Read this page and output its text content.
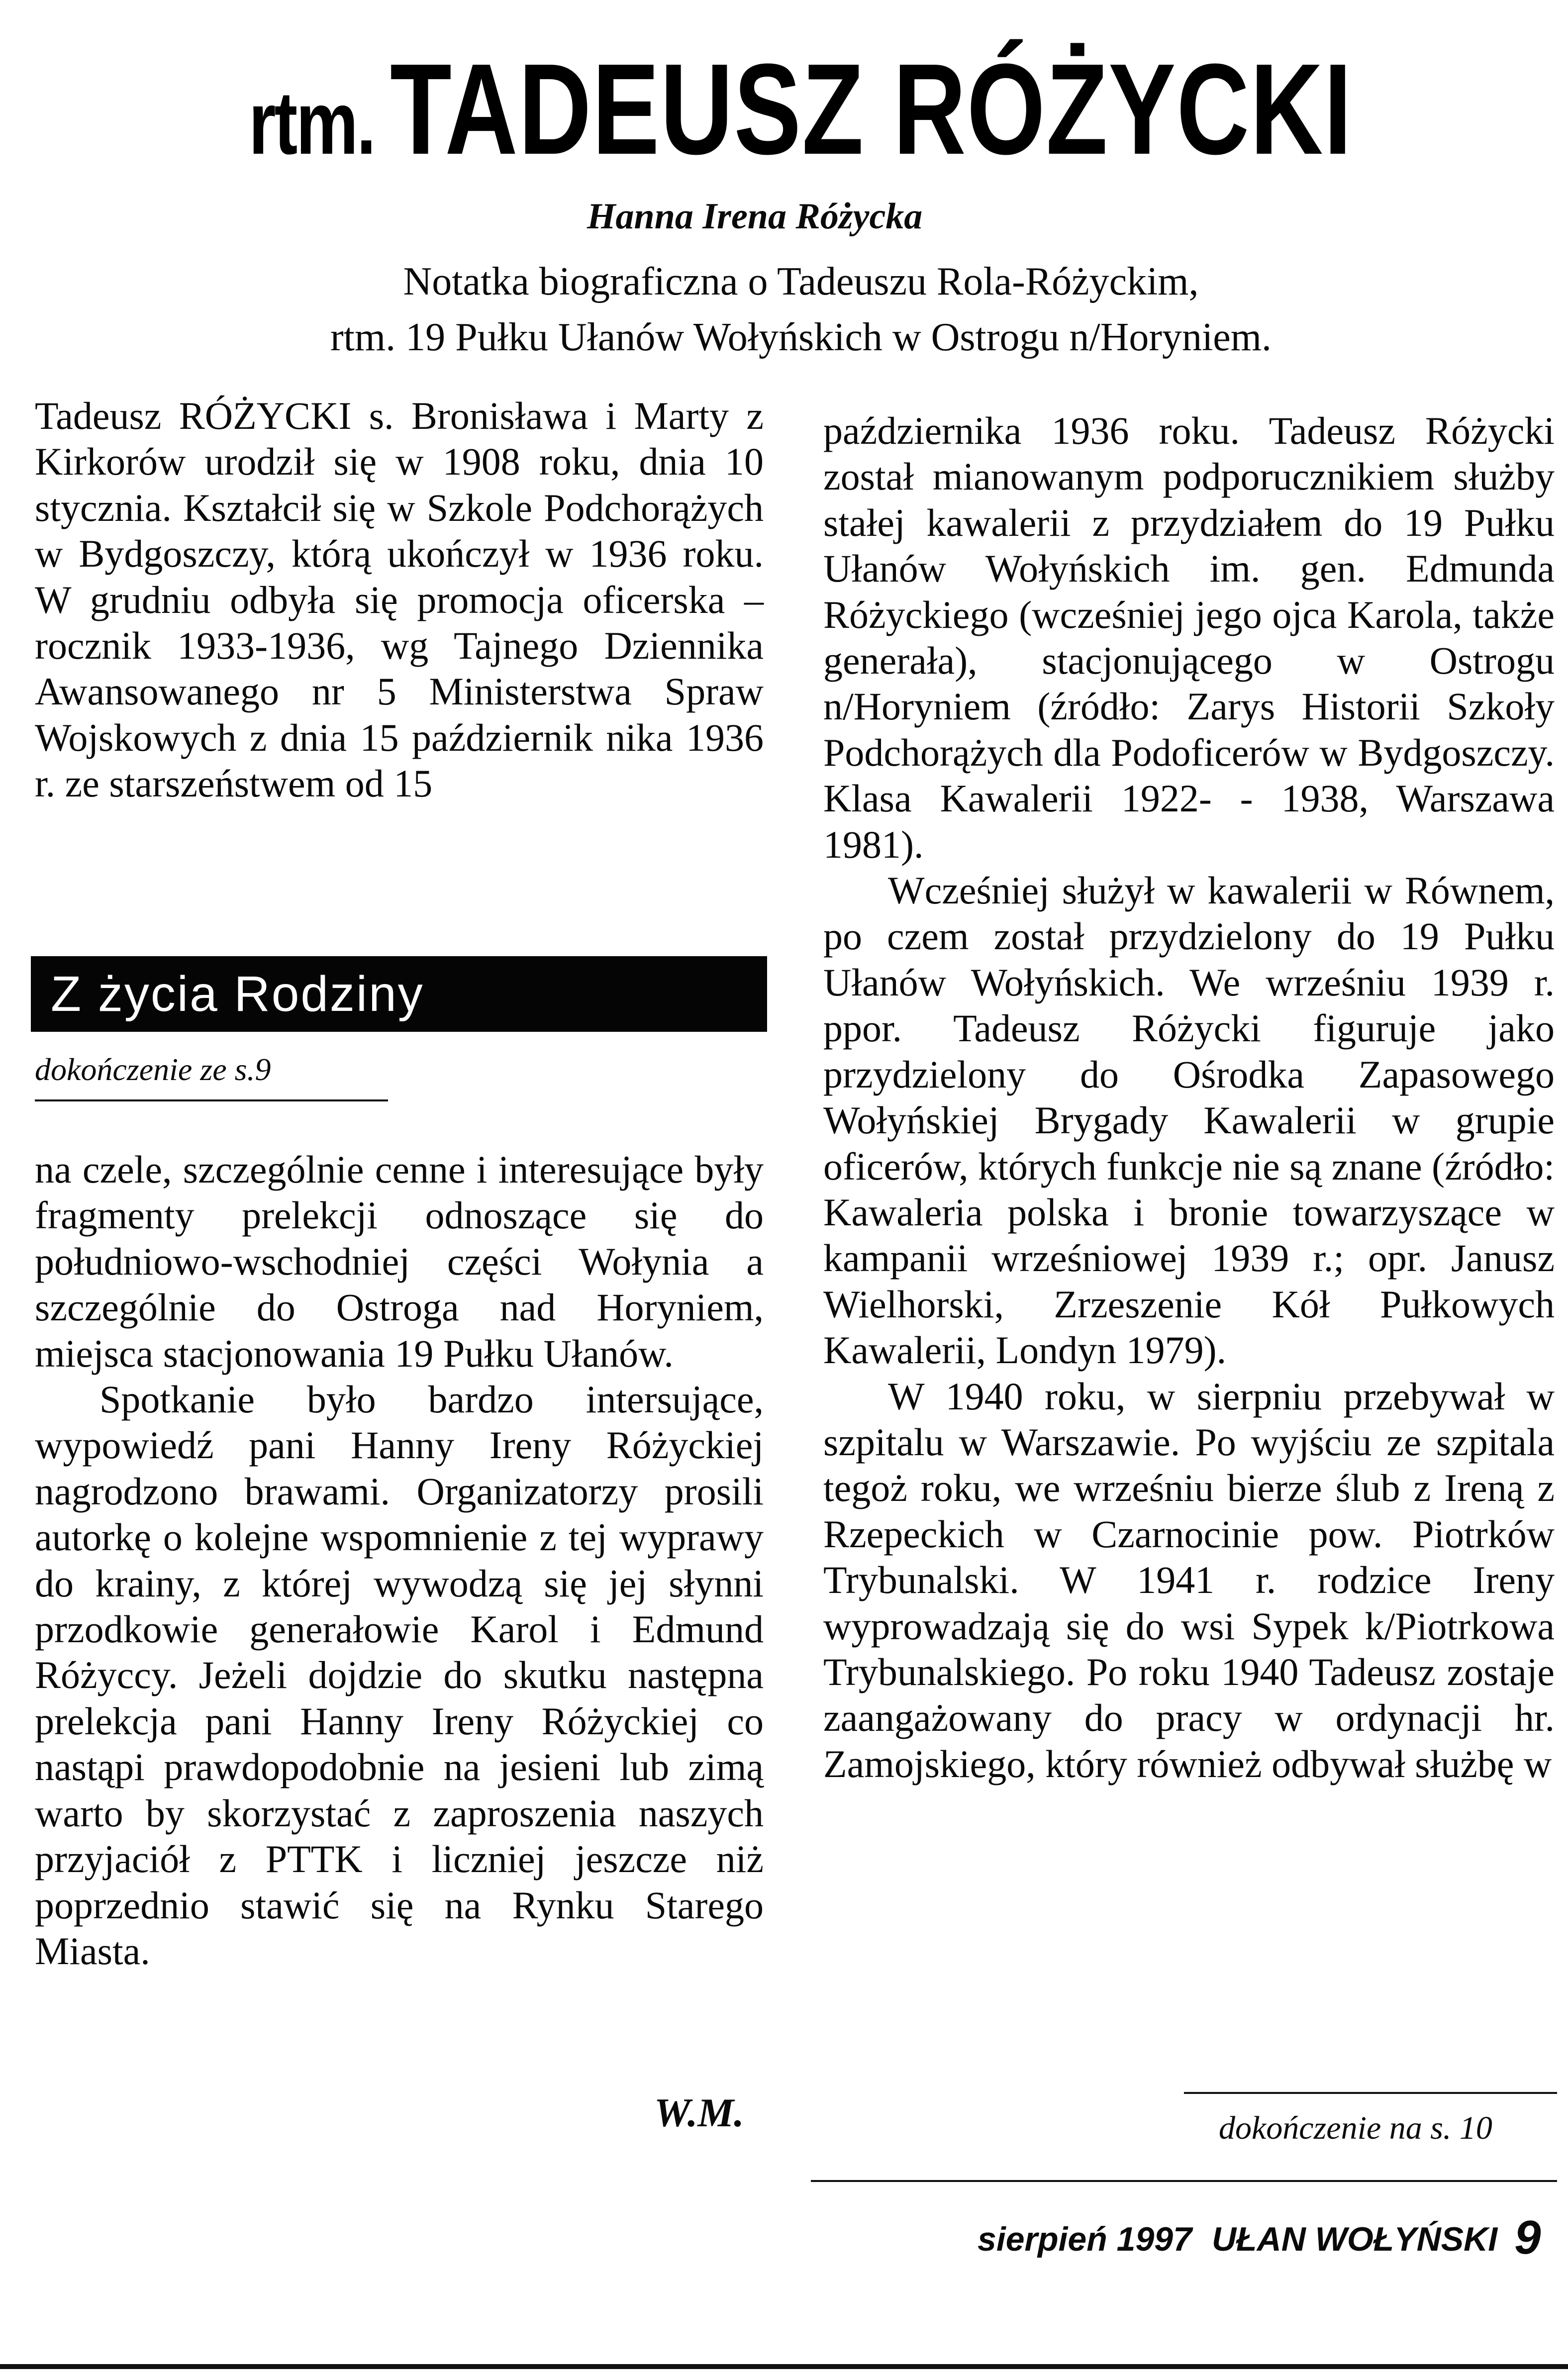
rtm. TADEUSZ RÓŻYCKI
Hanna Irena Różycka
Notatka biograficzna o Tadeuszu Rola-Różyckim,
rtm. 19 Pułku Ułanów Wołyńskich w Ostrogu n/Horyniem.

Tadeusz RÓŻYCKI s. Bronisława i Marty z Kirkorów urodził się w 1908 roku, dnia 10 stycznia. Kształcił się w Szkole Podchorążych w Bydgoszczy, którą ukończył w 1936 roku. W grudniu odbyła się promocja oficerska – rocznik 1933-1936, wg Tajnego Dziennika Awansowanego nr 5 Ministerstwa Spraw Wojskowych z dnia 15 październik nika 1936 r. ze starszeństwem od 15

Z życia Rodziny
dokończenie ze s.9

na czele, szczególnie cenne i interesujące były fragmenty prelekcji odnoszące się do południowo-wschodniej części Wołynia a szczególnie do Ostroga nad Horyniem, miejsca stacjonowania 19 Pułku Ułanów.

Spotkanie było bardzo intersujące, wypowiedź pani Hanny Ireny Różyckiej nagrodzono brawami. Organizatorzy prosili autorkę o kolejne wspomnienie z tej wyprawy do krainy, z której wywodzą się jej słynni przodkowie generałowie Karol i Edmund Różyccy. Jeżeli dojdzie do skutku następna prelekcja pani Hanny Ireny Różyckiej co nastąpi prawdopodobnie na jesieni lub zimą warto by skorzystać z zaproszenia naszych przyjaciół z PTTK i liczniej jeszcze niż poprzednio stawić się na Rynku Starego Miasta.

W.M.

października 1936 roku. Tadeusz Różycki został mianowanym podporucznikiem służby stałej kawalerii z przydziałem do 19 Pułku Ułanów Wołyńskich im. gen. Edmunda Różyckiego (wcześniej jego ojca Karola, także generała), stacjonującego w Ostrogu n/Horyniem (źródło: Zarys Historii Szkoły Podchorążych dla Podoficerów w Bydgoszczy. Klasa Kawalerii 1922- - 1938, Warszawa 1981).

Wcześniej służył w kawalerii w Równem, po czem został przydzielony do 19 Pułku Ułanów Wołyńskich. We wrześniu 1939 r. ppor. Tadeusz Różycki figuruje jako przydzielony do Ośrodka Zapasowego Wołyńskiej Brygady Kawalerii w grupie oficerów, których funkcje nie są znane (źródło: Kawaleria polska i bronie towarzyszące w kampanii wrześniowej 1939 r.; opr. Janusz Wielhorski, Zrzeszenie Kół Pułkowych Kawalerii, Londyn 1979).

W 1940 roku, w sierpniu przebywał w szpitalu w Warszawie. Po wyjściu ze szpitala tegoż roku, we wrześniu bierze ślub z Ireną z Rzepeckich w Czarnocinie pow. Piotrków Trybunalski. W 1941 r. rodzice Ireny wyprowadzają się do wsi Sypek k/Piotrkowa Trybunalskiego. Po roku 1940 Tadeusz zostaje zaangażowany do pracy w ordynacji hr. Zamojskiego, który również odbywał służbę w

dokończenie na s. 10
sierpień 1997 UŁAN WOŁYŃSKI 9
